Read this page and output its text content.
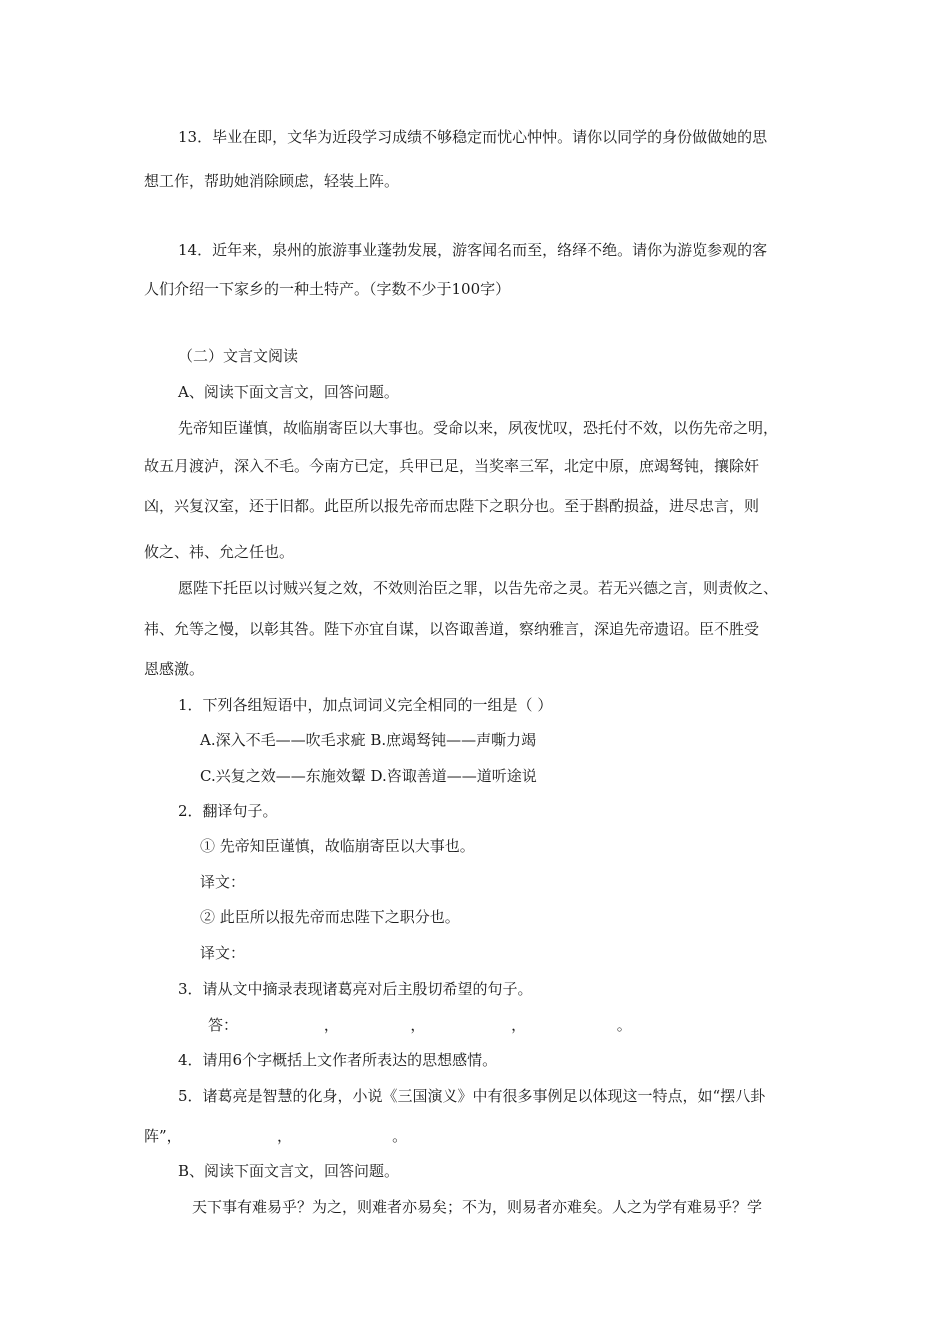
13．毕业在即，文华为近段学习成绩不够稳定而忧心忡忡。请你以同学的身份做做她的思
想工作，帮助她消除顾虑，轻装上阵。
14．近年来，泉州的旅游事业蓬勃发展，游客闻名而至，络绎不绝。请你为游览参观的客
人们介绍一下家乡的一种土特产。（字数不少于100字）
（二）文言文阅读
A、阅读下面文言文，回答问题。
先帝知臣谨慎，故临崩寄臣以大事也。受命以来，夙夜忧叹，恐托付不效，以伤先帝之明，
故五月渡泸，深入不毛。今南方已定，兵甲已足，当奖率三军，北定中原，庶竭驽钝，攘除奸
凶，兴复汉室，还于旧都。此臣所以报先帝而忠陛下之职分也。至于斟酌损益，进尽忠言，则
攸之、祎、允之任也。
愿陛下托臣以讨贼兴复之效，不效则治臣之罪，以告先帝之灵。若无兴德之言，则责攸之、
祎、允等之慢，以彰其咎。陛下亦宜自谋，以咨诹善道，察纳雅言，深追先帝遗诏。臣不胜受
恩感激。
1．下列各组短语中，加点词词义完全相同的一组是（ ）
A.深入不毛——吹毛求疵 B.庶竭驽钝——声嘶力竭
C.兴复之效——东施效颦 D.咨诹善道——道听途说
2．翻译句子。
① 先帝知臣谨慎，故临崩寄臣以大事也。
译文：
② 此臣所以报先帝而忠陛下之职分也。
译文：
3．请从文中摘录表现诸葛亮对后主殷切希望的句子。
答：                  ，               ，                  ，                   。
4．请用6个字概括上文作者所表达的思想感情。
5．诸葛亮是智慧的化身，小说《三国演义》中有很多事例足以体现这一特点，如“摆八卦
阵”，                    ，                     。
B、阅读下面文言文，回答问题。
天下事有难易乎？为之，则难者亦易矣；不为，则易者亦难矣。人之为学有难易乎？学
